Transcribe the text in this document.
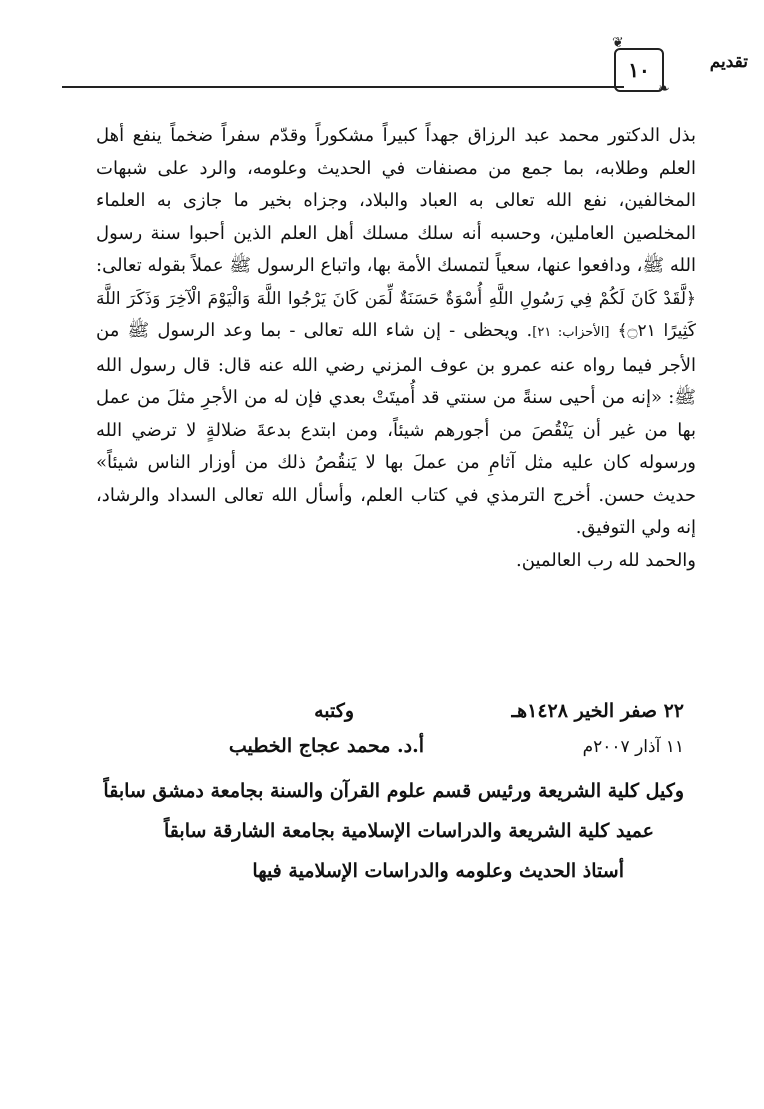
تقديم
❦
١٠
❧

بذل الدكتور محمد عبد الرزاق جهداً كبيراً مشكوراً وقدّم سفراً ضخماً ينفع أهل العلم وطلابه، بما جمع من مصنفات في الحديث وعلومه، والرد على شبهات المخالفين، نفع الله تعالى به العباد والبلاد، وجزاه بخير ما جازى به العلماء المخلصين العاملين، وحسبه أنه سلك مسلك أهل العلم الذين أحبوا سنة رسول الله ﷺ، ودافعوا عنها، سعياً لتمسك الأمة بها، واتباع الرسول ﷺ عملاً بقوله تعالى: ﴿لَّقَدْ كَانَ لَكُمْ فِي رَسُولِ اللَّهِ أُسْوَةٌ حَسَنَةٌ لِّمَن كَانَ يَرْجُوا اللَّهَ وَالْيَوْمَ الْآخِرَ وَذَكَرَ اللَّهَ كَثِيرًا ۝٢١﴾ [الأحزاب: ٢١]. ويحظى - إن شاء الله تعالى - بما وعد الرسول ﷺ من الأجر فيما رواه عنه عمرو بن عوف المزني رضي الله عنه قال: قال رسول الله ﷺ: «إنه من أحيى سنةً من سنتي قد أُميتَتْ بعدي فإن له من الأجرِ مثلَ من عمل بها من غير أن يَنْقُصَ من أجورهم شيئاً، ومن ابتدع بدعةَ ضلالةٍ لا ترضي الله ورسوله كان عليه مثل آثامِ من عملَ بها لا يَنقُصُ ذلك من أوزار الناس شيئاً» حديث حسن. أخرج الترمذي في كتاب العلم، وأسأل الله تعالى السداد والرشاد، إنه ولي التوفيق.

والحمد لله رب العالمين.

٢٢ صفر الخير ١٤٢٨هـ
وكتبه
١١ آذار ٢٠٠٧م
أ.د. محمد عجاج الخطيب
وكيل كلية الشريعة ورئيس قسم علوم القرآن والسنة بجامعة دمشق سابقاً
عميد كلية الشريعة والدراسات الإسلامية بجامعة الشارقة سابقاً
أستاذ الحديث وعلومه والدراسات الإسلامية فيها
